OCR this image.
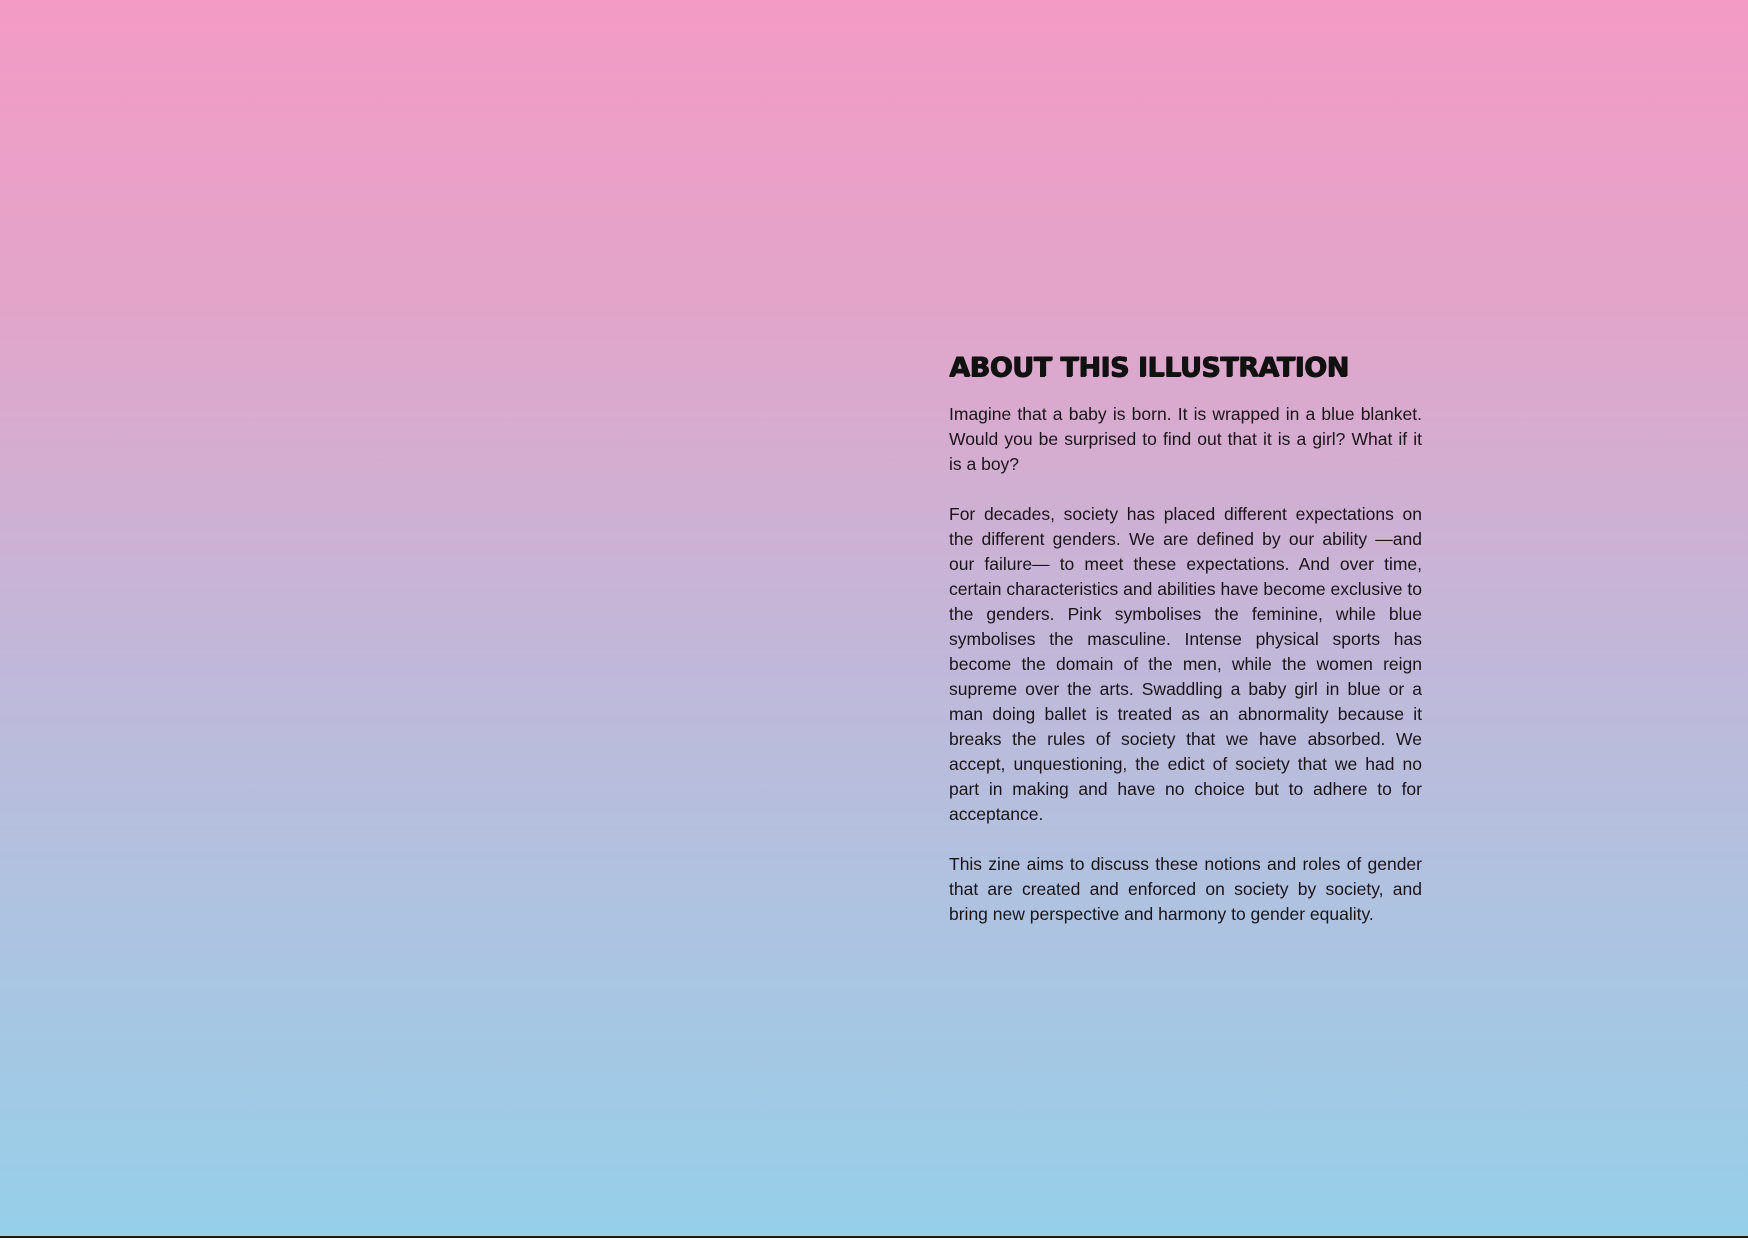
ABOUT THIS ILLUSTRATION

Imagine that a baby is born. It is wrapped in a blue blanket. Would you be surprised to find out that it is a girl? What if it is a boy?

For decades, society has placed different expectations on the different genders. We are defined by our ability —and our failure— to meet these expectations. And over time, certain characteristics and abilities have become exclusive to the genders. Pink symbolises the feminine, while blue symbolises the masculine. Intense physical sports has become the domain of the men, while the women reign supreme over the arts. Swaddling a baby girl in blue or a man doing ballet is treated as an abnormality because it breaks the rules of society that we have absorbed. We accept, unquestioning, the edict of society that we had no part in making and have no choice but to adhere to for acceptance.

This zine aims to discuss these notions and roles of gender that are created and enforced on society by society, and bring new perspective and harmony to gender equality.
